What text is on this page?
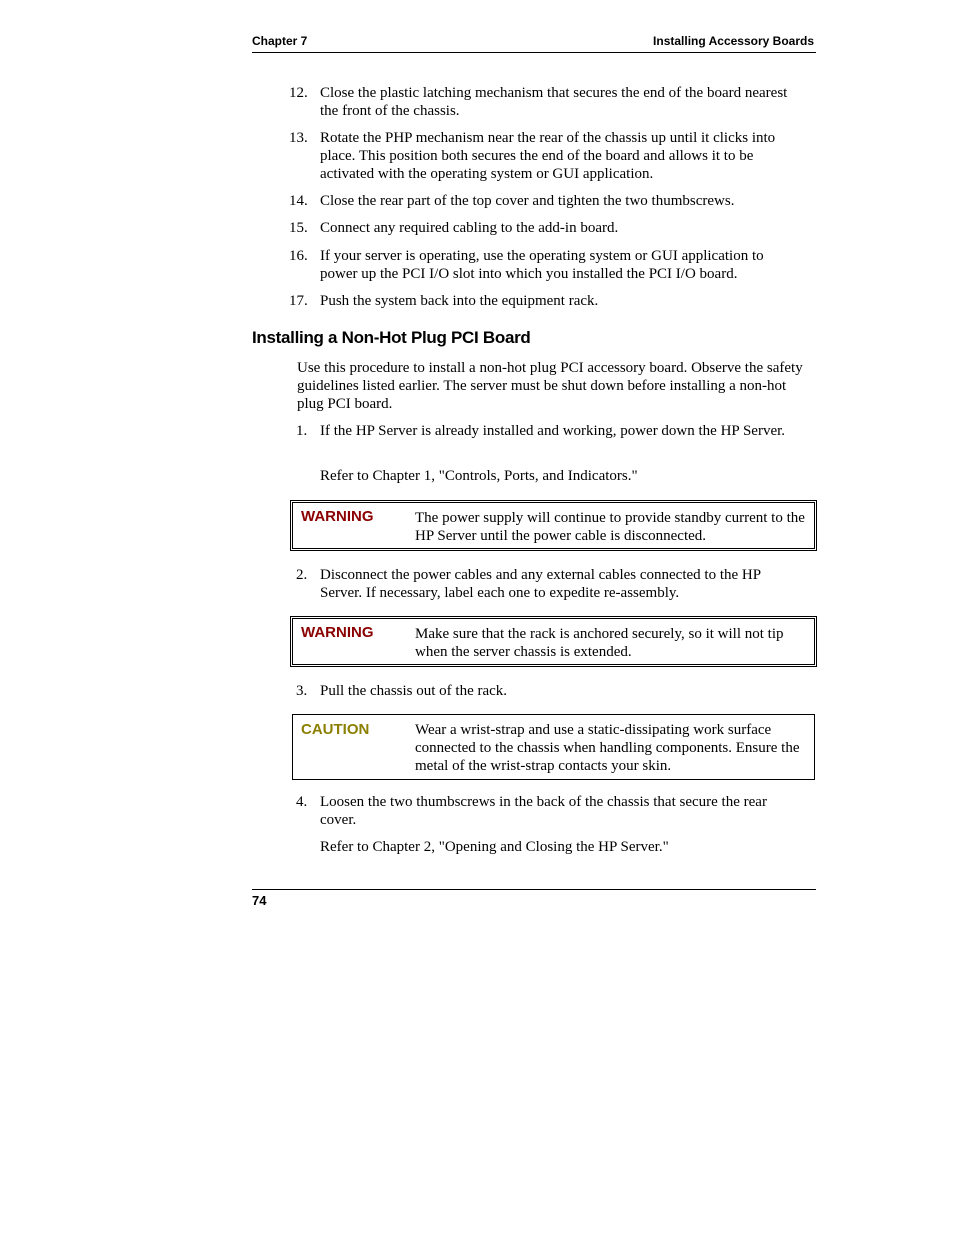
Chapter 7	Installing Accessory Boards
12. Close the plastic latching mechanism that secures the end of the board nearest the front of the chassis.
13. Rotate the PHP mechanism near the rear of the chassis up until it clicks into place. This position both secures the end of the board and allows it to be activated with the operating system or GUI application.
14. Close the rear part of the top cover and tighten the two thumbscrews.
15. Connect any required cabling to the add-in board.
16. If your server is operating, use the operating system or GUI application to power up the PCI I/O slot into which you installed the PCI I/O board.
17. Push the system back into the equipment rack.
Installing a Non-Hot Plug PCI Board
Use this procedure to install a non-hot plug PCI accessory board. Observe the safety guidelines listed earlier. The server must be shut down before installing a non-hot plug PCI board.
1. If the HP Server is already installed and working, power down the HP Server.
Refer to Chapter 1, "Controls, Ports, and Indicators."
WARNING	The power supply will continue to provide standby current to the HP Server until the power cable is disconnected.
2. Disconnect the power cables and any external cables connected to the HP Server. If necessary, label each one to expedite re-assembly.
WARNING	Make sure that the rack is anchored securely, so it will not tip when the server chassis is extended.
3. Pull the chassis out of the rack.
CAUTION	Wear a wrist-strap and use a static-dissipating work surface connected to the chassis when handling components. Ensure the metal of the wrist-strap contacts your skin.
4. Loosen the two thumbscrews in the back of the chassis that secure the rear cover.
Refer to Chapter 2, "Opening and Closing the HP Server."
74
